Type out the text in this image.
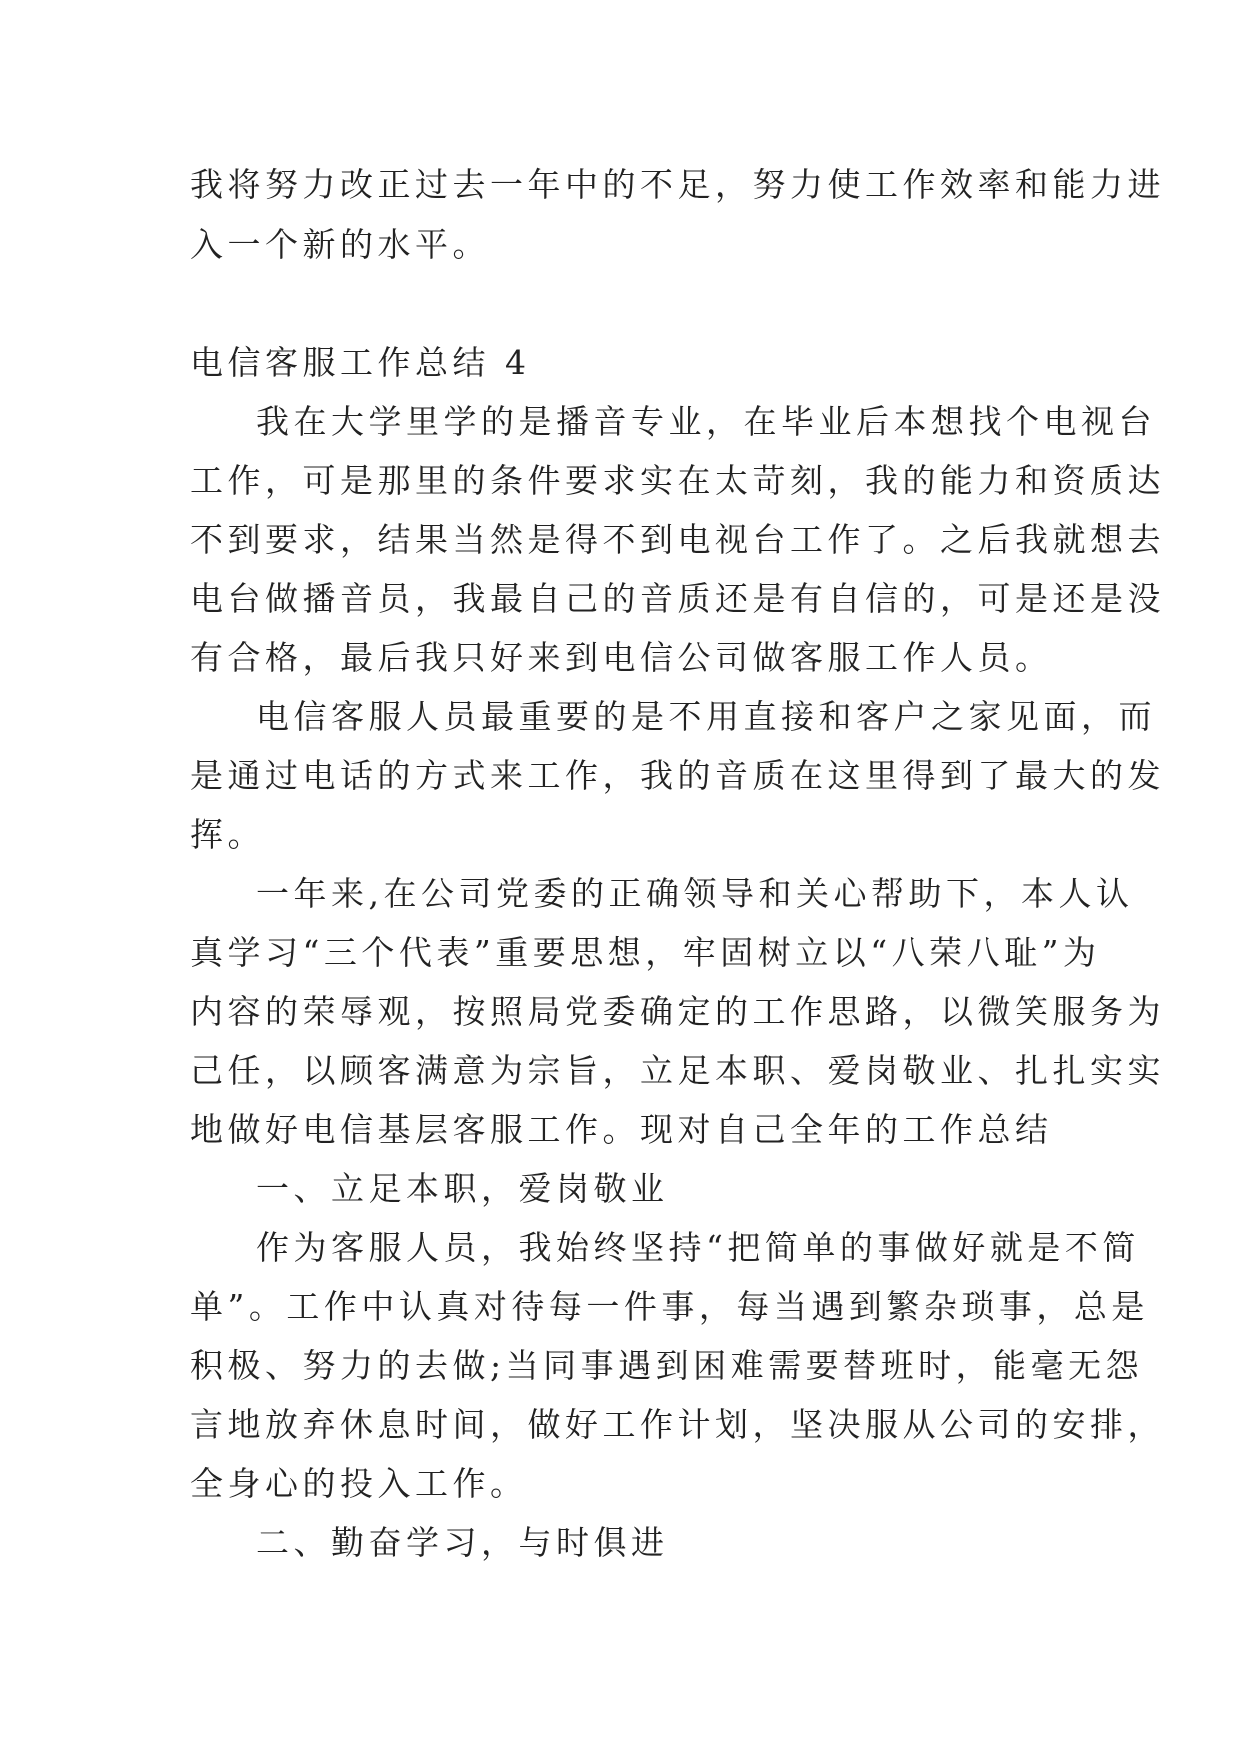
我将努力改正过去一年中的不足，努力使工作效率和能力进
入一个新的水平。
电信客服工作总结 4
我在大学里学的是播音专业，在毕业后本想找个电视台
工作，可是那里的条件要求实在太苛刻，我的能力和资质达
不到要求，结果当然是得不到电视台工作了。之后我就想去
电台做播音员，我最自己的音质还是有自信的，可是还是没
有合格，最后我只好来到电信公司做客服工作人员。
电信客服人员最重要的是不用直接和客户之家见面，而
是通过电话的方式来工作，我的音质在这里得到了最大的发
挥。
一年来,在公司党委的正确领导和关心帮助下，本人认
真学习“三个代表”重要思想，牢固树立以“八荣八耻”为
内容的荣辱观，按照局党委确定的工作思路，以微笑服务为
己任，以顾客满意为宗旨，立足本职、爱岗敬业、扎扎实实
地做好电信基层客服工作。现对自己全年的工作总结
一、立足本职，爱岗敬业
作为客服人员，我始终坚持“把简单的事做好就是不简
单”。工作中认真对待每一件事，每当遇到繁杂琐事，总是
积极、努力的去做;当同事遇到困难需要替班时，能毫无怨
言地放弃休息时间，做好工作计划，坚决服从公司的安排，
全身心的投入工作。
二、勤奋学习，与时俱进
